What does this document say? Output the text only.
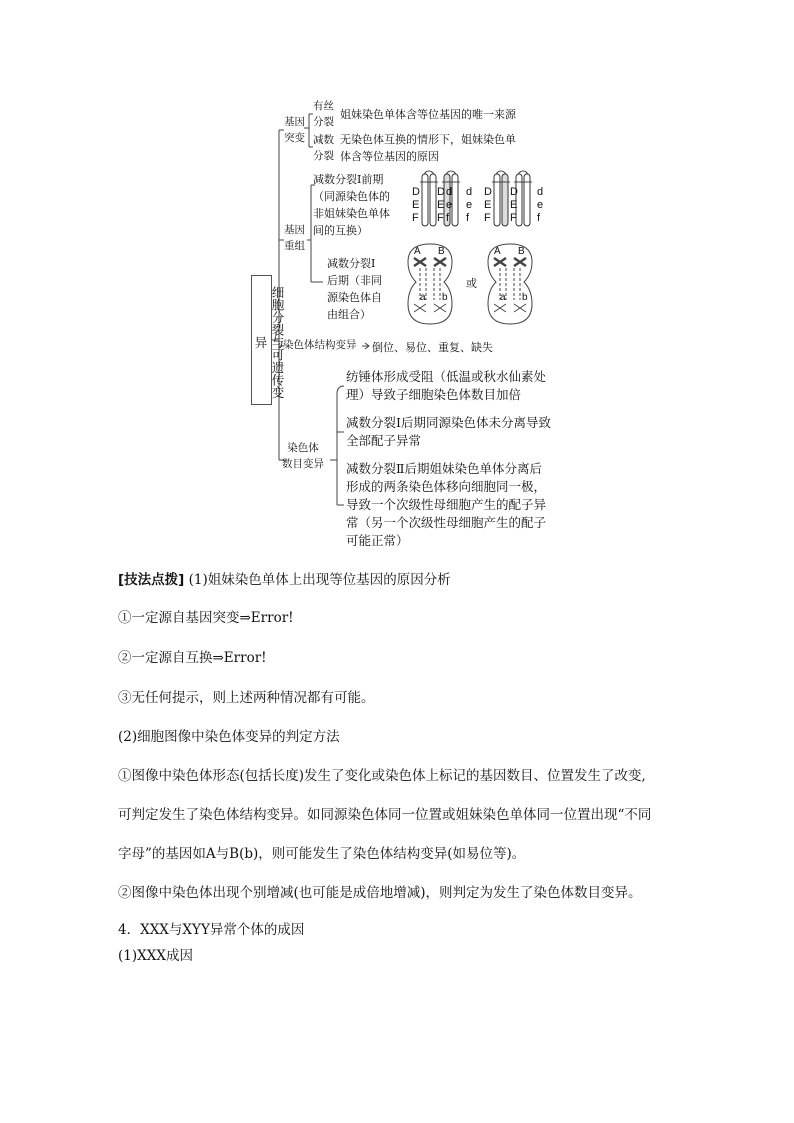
细胞分裂与可遗传变异
基因
突变
有丝
分裂
姐妹染色单体含等位基因的唯一来源
减数
分裂
无染色体互换的情形下，姐妹染色单
体含等位基因的原因
基因
重组
减数分裂Ⅰ前期
（同源染色体的
非姐妹染色单体
间的互换）
减数分裂Ⅰ
后期（非同
源染色体自
由组合）
D
E
F
D
E
F
d
e
f
d
e
f
D
E
F
D
E
F
d
e
f
A B
a b
A B
a b
或
染色体结构变异 倒位、易位、重复、缺失
染色体
数目变异
纺锤体形成受阻（低温或秋水仙素处理）导致子细胞染色体数目加倍
减数分裂Ⅰ后期同源染色体未分离导致全部配子异常
减数分裂Ⅱ后期姐妹染色单体分离后形成的两条染色体移向细胞同一极，导致一个次级性母细胞产生的配子异常（另一个次级性母细胞产生的配子可能正常）
[技法点拨] (1)姐妹染色单体上出现等位基因的原因分析
①一定源自基因突变⇒Error!
②一定源自互换⇒Error!
③无任何提示，则上述两种情况都有可能。
(2)细胞图像中染色体变异的判定方法
①图像中染色体形态(包括长度)发生了变化或染色体上标记的基因数目、位置发生了改变,
可判定发生了染色体结构变异。如同源染色体同一位置或姐妹染色单体同一位置出现“不同
字母”的基因如A与B(b)，则可能发生了染色体结构变异(如易位等)。
②图像中染色体出现个别增减(也可能是成倍地增减)，则判定为发生了染色体数目变异。
4．XXX与XYY异常个体的成因
(1)XXX成因
